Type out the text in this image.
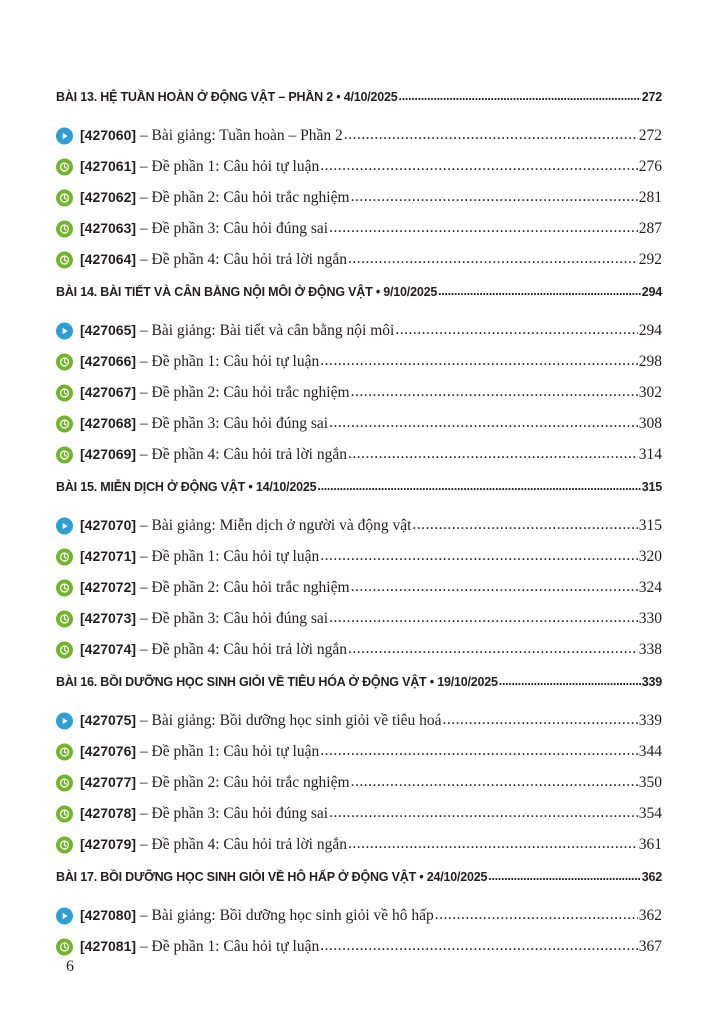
BÀI 13. HỆ TUẦN HOÀN Ở ĐỘNG VẬT – PHẦN 2 • 4/10/2025 .....	272
[427060] – Bài giảng: Tuần hoàn – Phần 2 .....	272
[427061] – Đề phần 1: Câu hỏi tự luận .....	276
[427062] – Đề phần 2: Câu hỏi trắc nghiệm .....	281
[427063] – Đề phần 3: Câu hỏi đúng sai .....	287
[427064] – Đề phần 4: Câu hỏi trả lời ngắn .....	292
BÀI 14. BÀI TIẾT VÀ CÂN BẰNG NỘI MÔI Ở ĐỘNG VẬT • 9/10/2025 .....	294
[427065] – Bài giảng: Bài tiết và cân bằng nội môi .....	294
[427066] – Đề phần 1: Câu hỏi tự luận .....	298
[427067] – Đề phần 2: Câu hỏi trắc nghiệm .....	302
[427068] – Đề phần 3: Câu hỏi đúng sai .....	308
[427069] – Đề phần 4: Câu hỏi trả lời ngắn .....	314
BÀI 15. MIỄN DỊCH Ở ĐỘNG VẬT • 14/10/2025 .....	315
[427070] – Bài giảng: Miễn dịch ở người và động vật .....	315
[427071] – Đề phần 1: Câu hỏi tự luận .....	320
[427072] – Đề phần 2: Câu hỏi trắc nghiệm .....	324
[427073] – Đề phần 3: Câu hỏi đúng sai .....	330
[427074] – Đề phần 4: Câu hỏi trả lời ngắn .....	338
BÀI 16. BỒI DƯỠNG HỌC SINH GIỎI VỀ TIÊU HÓA Ở ĐỘNG VẬT • 19/10/2025 .....	339
[427075] – Bài giảng: Bồi dưỡng học sinh giỏi về tiêu hoá .....	339
[427076] – Đề phần 1: Câu hỏi tự luận .....	344
[427077] – Đề phần 2: Câu hỏi trắc nghiệm .....	350
[427078] – Đề phần 3: Câu hỏi đúng sai .....	354
[427079] – Đề phần 4: Câu hỏi trả lời ngắn .....	361
BÀI 17. BỒI DƯỠNG HỌC SINH GIỎI VỀ HÔ HẤP Ở ĐỘNG VẬT • 24/10/2025 .....	362
[427080] – Bài giảng: Bồi dưỡng học sinh giỏi về hô hấp .....	362
[427081] – Đề phần 1: Câu hỏi tự luận .....	367
6
